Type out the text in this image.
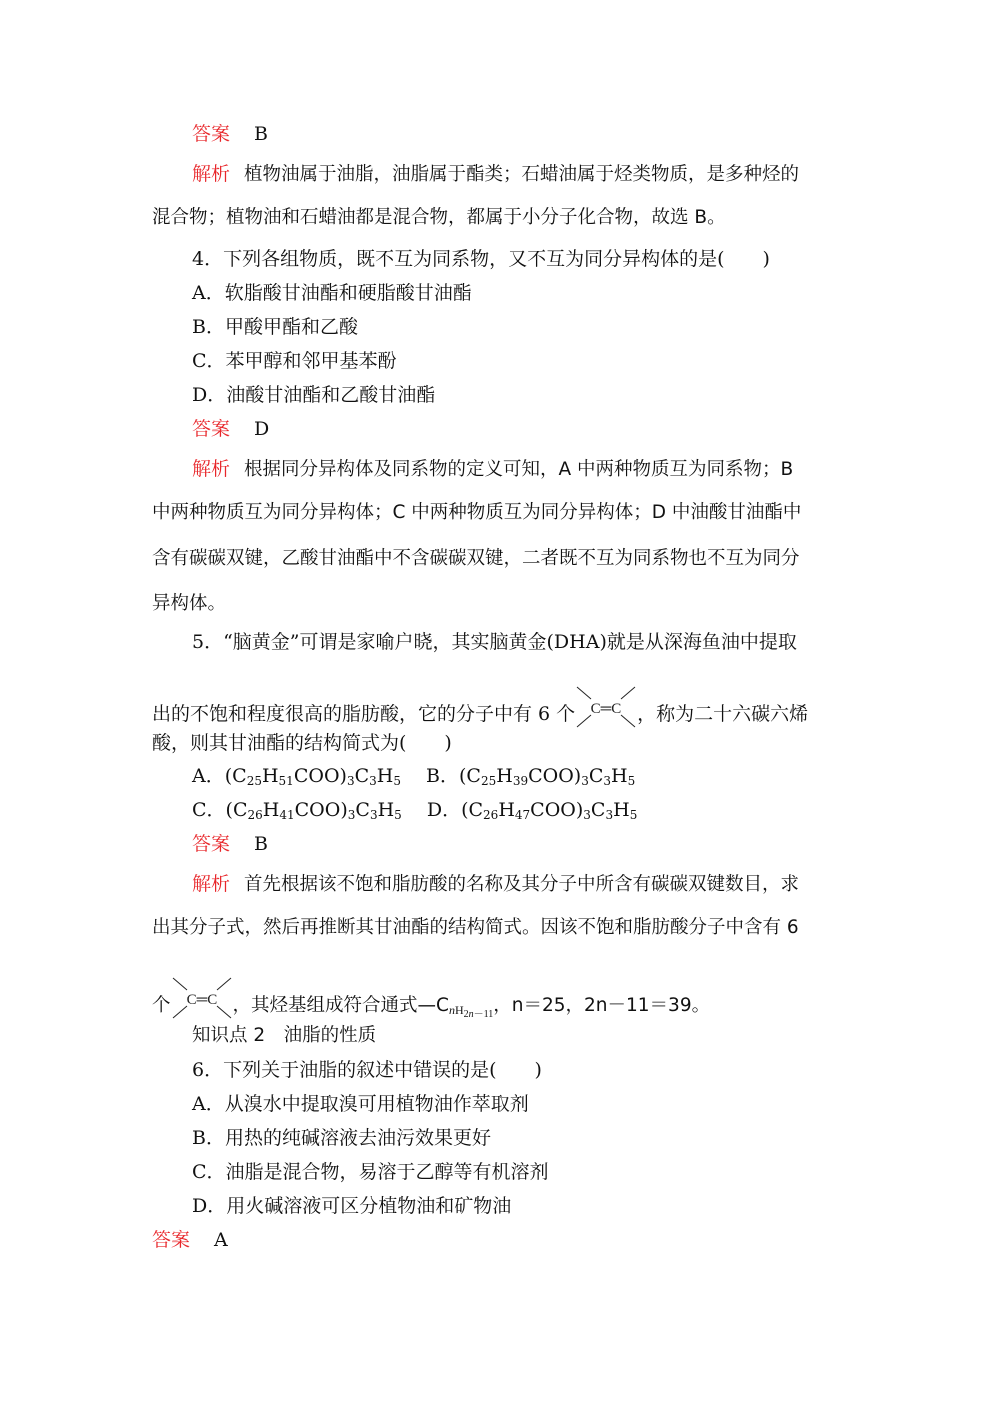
答案 B
解析 植物油属于油脂，油脂属于酯类；石蜡油属于烃类物质，是多种烃的
混合物；植物油和石蜡油都是混合物，都属于小分子化合物，故选 B。
4．下列各组物质，既不互为同系物，又不互为同分异构体的是(　　)
A．软脂酸甘油酯和硬脂酸甘油酯
B．甲酸甲酯和乙酸
C．苯甲醇和邻甲基苯酚
D．油酸甘油酯和乙酸甘油酯
答案 D
解析 根据同分异构体及同系物的定义可知，A 中两种物质互为同系物；B
中两种物质互为同分异构体；C 中两种物质互为同分异构体；D 中油酸甘油酯中
含有碳碳双键，乙酸甘油酯中不含碳碳双键，二者既不互为同系物也不互为同分
异构体。
5．“脑黄金”可谓是家喻户晓，其实脑黄金(DHA)就是从深海鱼油中提取
出的不饱和程度很高的脂肪酸，它的分子中有 6 个 C═C ，称为二十六碳六烯
酸，则其甘油酯的结构简式为(　　)
A．$(C_{25}H_{51}COO)_3C_3H_5$　 B．$(C_{25}H_{39}COO)_3C_3H_5$
C．$(C_{26}H_{41}COO)_3C_3H_5$　 D．$(C_{26}H_{47}COO)_3C_3H_5$
答案 B
解析 首先根据该不饱和脂肪酸的名称及其分子中所含有碳碳双键数目，求
出其分子式，然后再推断其甘油酯的结构简式。因该不饱和脂肪酸分子中含有 6
个 C═C ，其烃基组成符合通式$—C_{nH_{2n-11}}$，n＝25，2n－11＝39。
知识点 2　油脂的性质
6．下列关于油脂的叙述中错误的是(　　)
A．从溴水中提取溴可用植物油作萃取剂
B．用热的纯碱溶液去油污效果更好
C．油脂是混合物，易溶于乙醇等有机溶剂
D．用火碱溶液可区分植物油和矿物油
答案 A
